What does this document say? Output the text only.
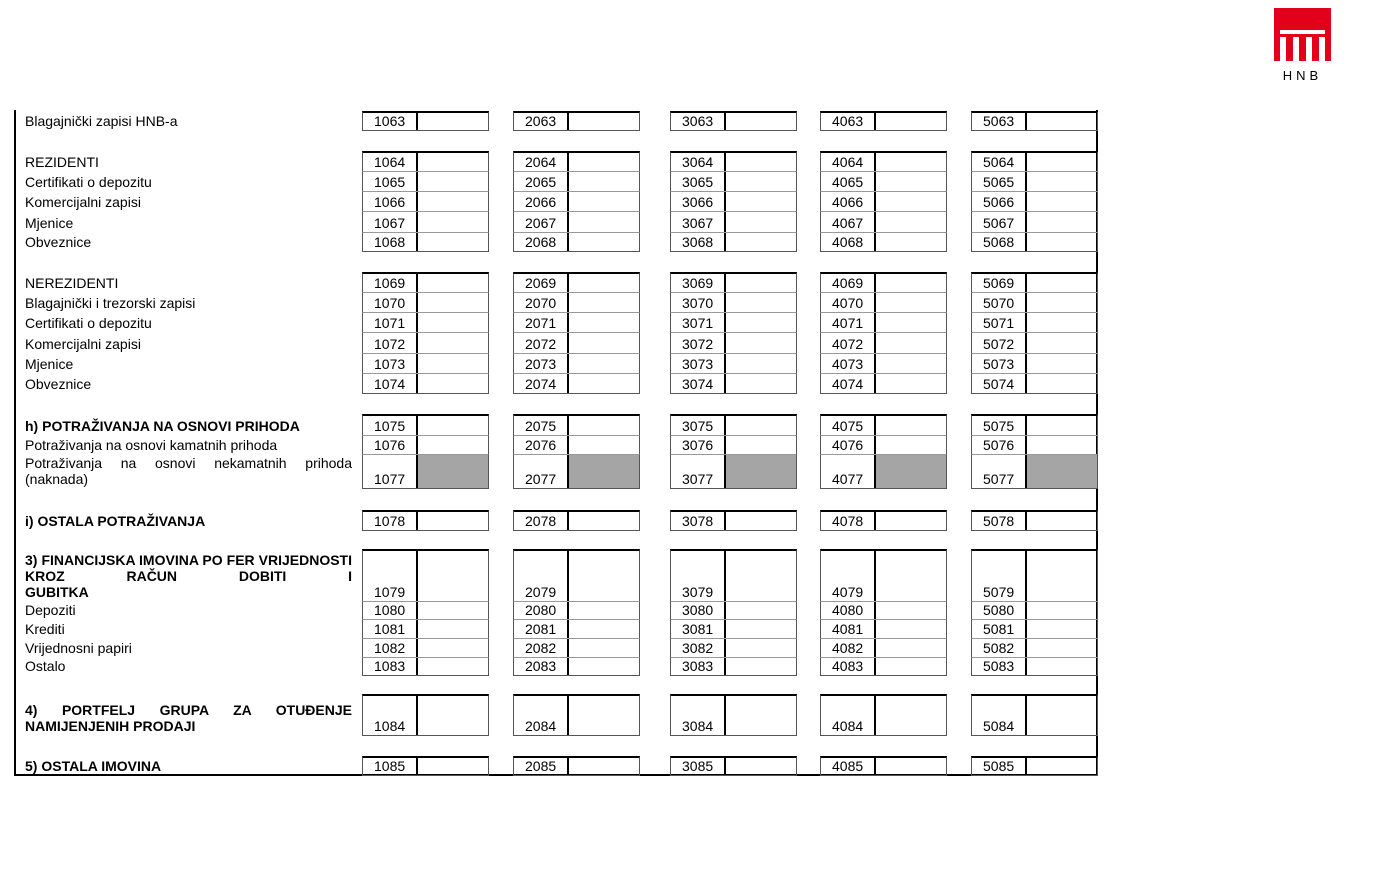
HNB
Blagajnički zapisi HNB-a	1063	2063	3063	4063	5063
REZIDENTI	1064	2064	3064	4064	5064
Certifikati o depozitu	1065	2065	3065	4065	5065
Komercijalni zapisi	1066	2066	3066	4066	5066
Mjenice	1067	2067	3067	4067	5067
Obveznice	1068	2068	3068	4068	5068
NEREZIDENTI	1069	2069	3069	4069	5069
Blagajnički i trezorski zapisi	1070	2070	3070	4070	5070
Certifikati o depozitu	1071	2071	3071	4071	5071
Komercijalni zapisi	1072	2072	3072	4072	5072
Mjenice	1073	2073	3073	4073	5073
Obveznice	1074	2074	3074	4074	5074
h) POTRAŽIVANJA NA OSNOVI PRIHODA	1075	2075	3075	4075	5075
Potraživanja na osnovi kamatnih prihoda	1076	2076	3076	4076	5076
Potraživanja na osnovi nekamatnih prihoda
(naknada)	1077	2077	3077	4077	5077
i) OSTALA POTRAŽIVANJA	1078	2078	3078	4078	5078
3) FINANCIJSKA IMOVINA PO FER VRIJEDNOSTI KROZ RAČUN DOBITI I
GUBITKA	1079	2079	3079	4079	5079
Depoziti	1080	2080	3080	4080	5080
Krediti	1081	2081	3081	4081	5081
Vrijednosni papiri	1082	2082	3082	4082	5082
Ostalo	1083	2083	3083	4083	5083
4) PORTFELJ GRUPA ZA OTUĐENJE
NAMIJENJENIH PRODAJI	1084	2084	3084	4084	5084
5) OSTALA IMOVINA	1085	2085	3085	4085	5085
